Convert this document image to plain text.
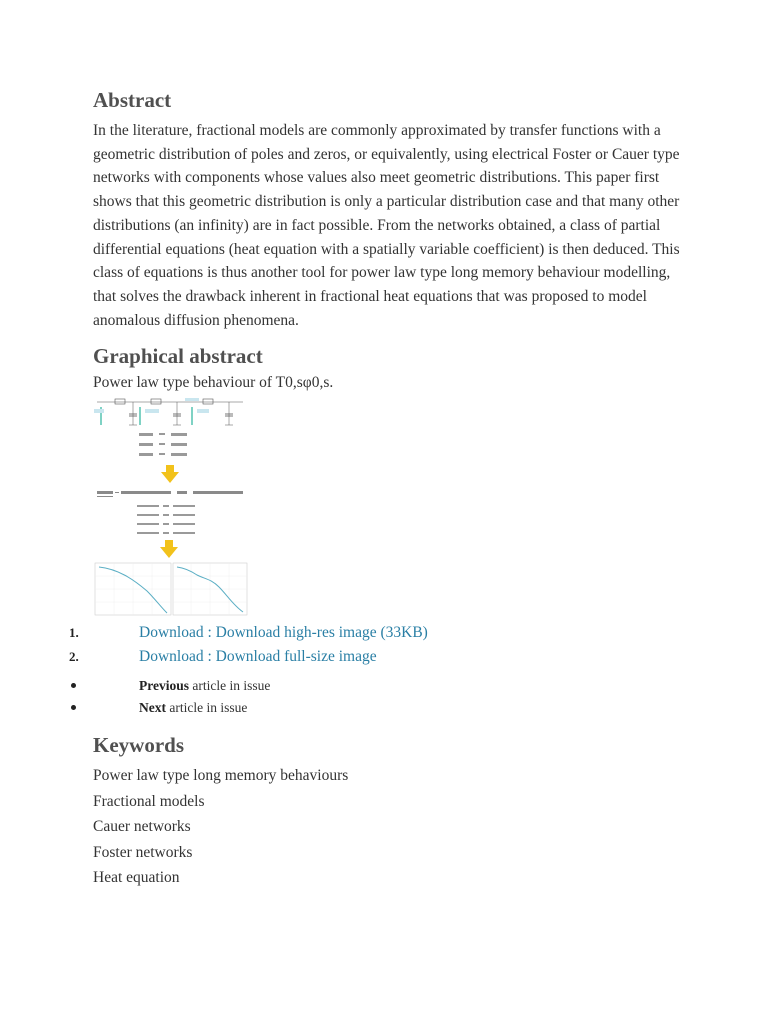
Abstract

In the literature, fractional models are commonly approximated by transfer functions with a geometric distribution of poles and zeros, or equivalently, using electrical Foster or Cauer type networks with components whose values also meet geometric distributions. This paper first shows that this geometric distribution is only a particular distribution case and that many other distributions (an infinity) are in fact possible. From the networks obtained, a class of partial differential equations (heat equation with a spatially variable coefficient) is then deduced. This class of equations is thus another tool for power law type long memory behaviour modelling, that solves the drawback inherent in fractional heat equations that was proposed to model anomalous diffusion phenomena.

Graphical abstract

Power law type behaviour of T0,sφ0,s.

1.	Download : Download high-res image (33KB)
2.	Download : Download full-size image
Previous article in issue
Next article in issue
Keywords
Power law type long memory behaviours
Fractional models
Cauer networks
Foster networks
Heat equation
